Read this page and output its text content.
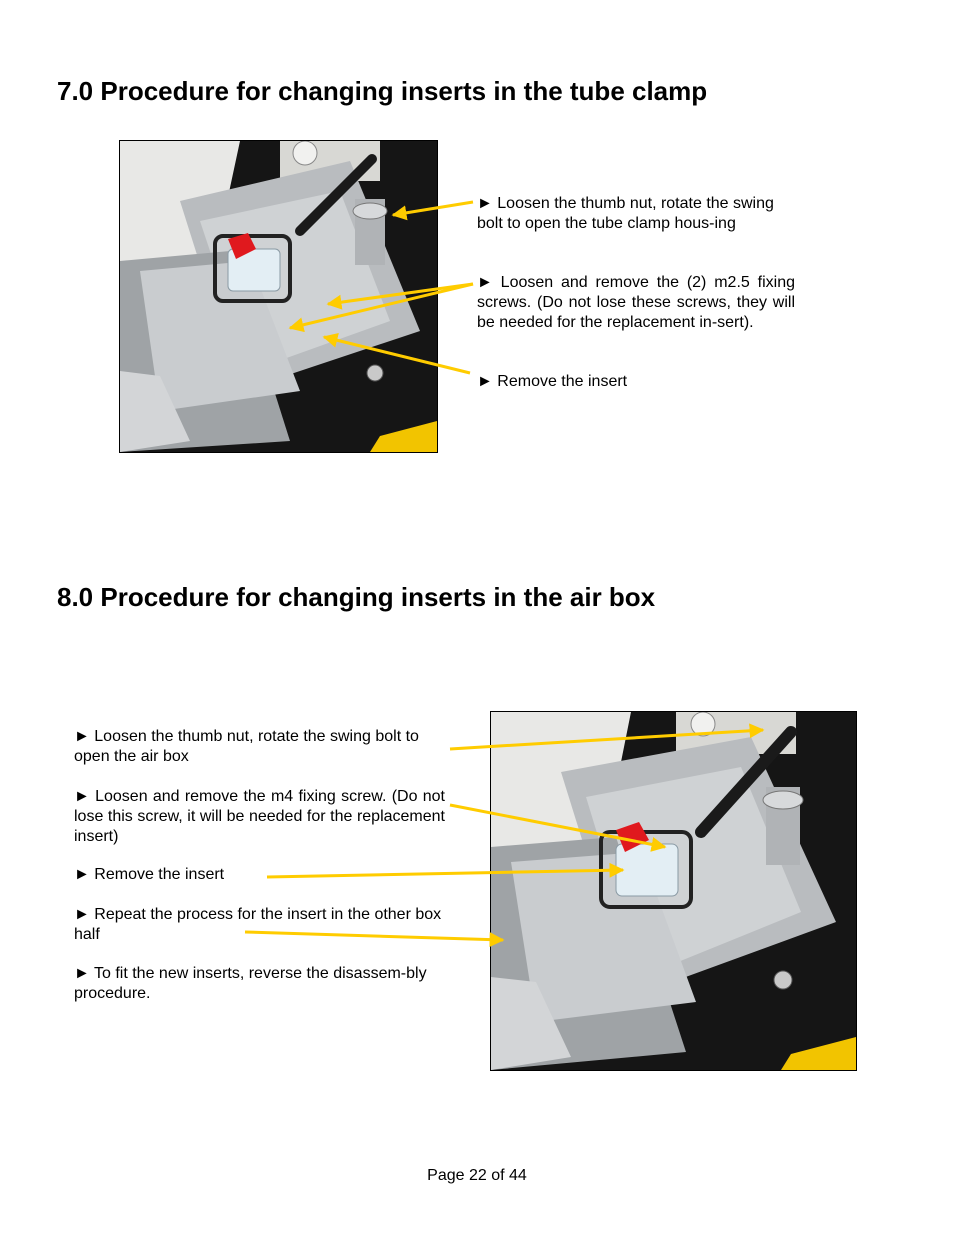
7.0 Procedure for changing inserts in the tube clamp

► Loosen the thumb nut, rotate the swing bolt to open the tube clamp hous-ing

► Loosen and remove the (2) m2.5 fixing screws. (Do not lose these screws, they will be needed for the replacement in-sert).

► Remove the insert

8.0 Procedure for changing inserts in the air box

► Loosen the thumb nut, rotate the swing bolt to open the air box

► Loosen and remove the m4 fixing screw. (Do not lose this screw, it will be needed for the replacement insert)

► Remove the insert

► Repeat the process for the insert in the other box half

► To fit the new inserts, reverse the disassem-bly procedure.

Page 22 of 44
